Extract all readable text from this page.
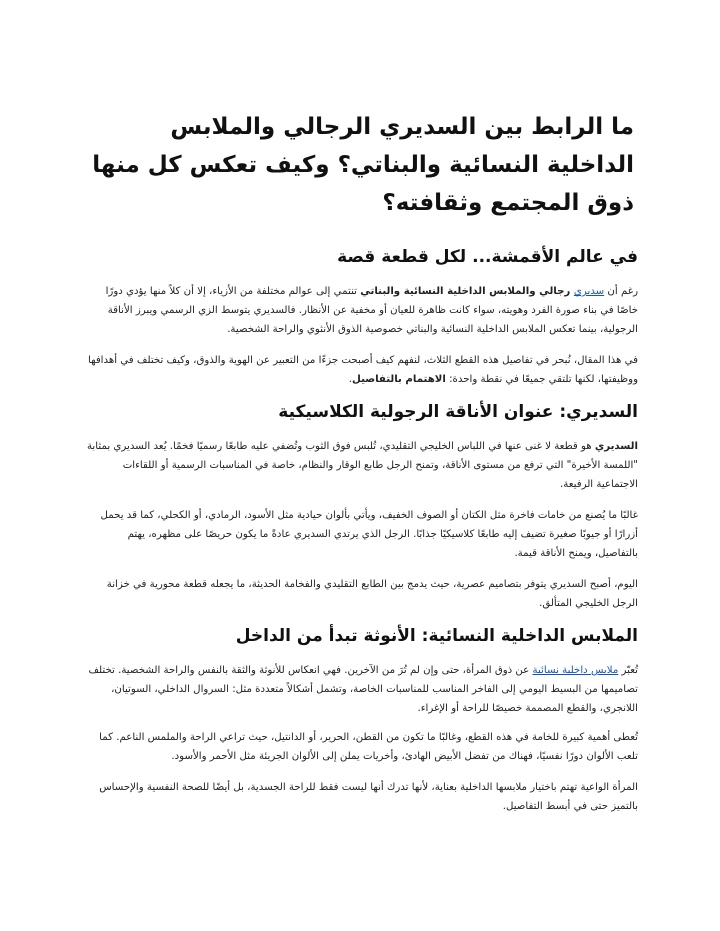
ما الرابط بين السديري الرجالي والملابس الداخلية النسائية والبناتي؟ وكيف تعكس كل منها ذوق المجتمع وثقافته؟
في عالم الأقمشة... لكل قطعة قصة

رغم أن سديري رجالي والملابس الداخلية النسائية والبناتي تنتمي إلى عوالم مختلفة من الأزياء، إلا أن كلاً منها يؤدي دورًا خاصًا في بناء صورة الفرد وهويته، سواء كانت ظاهرة للعيان أو مخفية عن الأنظار. فالسديري يتوسط الزي الرسمي ويبرز الأناقة الرجولية، بينما تعكس الملابس الداخلية النسائية والبناتي خصوصية الذوق الأنثوي والراحة الشخصية.

في هذا المقال، نُبحر في تفاصيل هذه القطع الثلاث، لنفهم كيف أصبحت جزءًا من التعبير عن الهوية والذوق، وكيف تختلف في أهدافها ووظيفتها، لكنها تلتقي جميعًا في نقطة واحدة: الاهتمام بالتفاصيل.

السديري: عنوان الأناقة الرجولية الكلاسيكية

السديري هو قطعة لا غنى عنها في اللباس الخليجي التقليدي، تُلبس فوق الثوب وتُضفي عليه طابعًا رسميًا فخمًا. يُعد السديري بمثابة "اللمسة الأخيرة" التي ترفع من مستوى الأناقة، وتمنح الرجل طابع الوقار والنظام، خاصة في المناسبات الرسمية أو اللقاءات الاجتماعية الرفيعة.

غالبًا ما يُصنع من خامات فاخرة مثل الكتان أو الصوف الخفيف، ويأتي بألوان حيادية مثل الأسود، الرمادي، أو الكحلي، كما قد يحمل أزرارًا أو جيوبًا صغيرة تضيف إليه طابعًا كلاسيكيًا جذابًا. الرجل الذي يرتدي السديري عادةً ما يكون حريصًا على مظهره، يهتم بالتفاصيل، ويمنح الأناقة قيمة.

اليوم، أصبح السديري يتوفر بتصاميم عصرية، حيث يدمج بين الطابع التقليدي والفخامة الحديثة، ما يجعله قطعة محورية في خزانة الرجل الخليجي المتألق.

الملابس الداخلية النسائية: الأنوثة تبدأ من الداخل

تُعبّر ملابس داخلية نسائية عن ذوق المرأة، حتى وإن لم تُرَ من الآخرين. فهي انعكاس للأنوثة والثقة بالنفس والراحة الشخصية. تختلف تصاميمها من البسيط اليومي إلى الفاخر المناسب للمناسبات الخاصة، وتشمل أشكالاً متعددة مثل: السروال الداخلي، السوتيان، اللانجري، والقطع المصممة خصيصًا للراحة أو الإغراء.

تُعطى أهمية كبيرة للخامة في هذه القطع، وغالبًا ما تكون من القطن، الحرير، أو الدانتيل، حيث تراعي الراحة والملمس الناعم. كما تلعب الألوان دورًا نفسيًا، فهناك من تفضل الأبيض الهادئ، وأخريات يملن إلى الألوان الجريئة مثل الأحمر والأسود.

المرأة الواعية تهتم باختيار ملابسها الداخلية بعناية، لأنها تدرك أنها ليست فقط للراحة الجسدية، بل أيضًا للصحة النفسية والإحساس بالتميز حتى في أبسط التفاصيل.
